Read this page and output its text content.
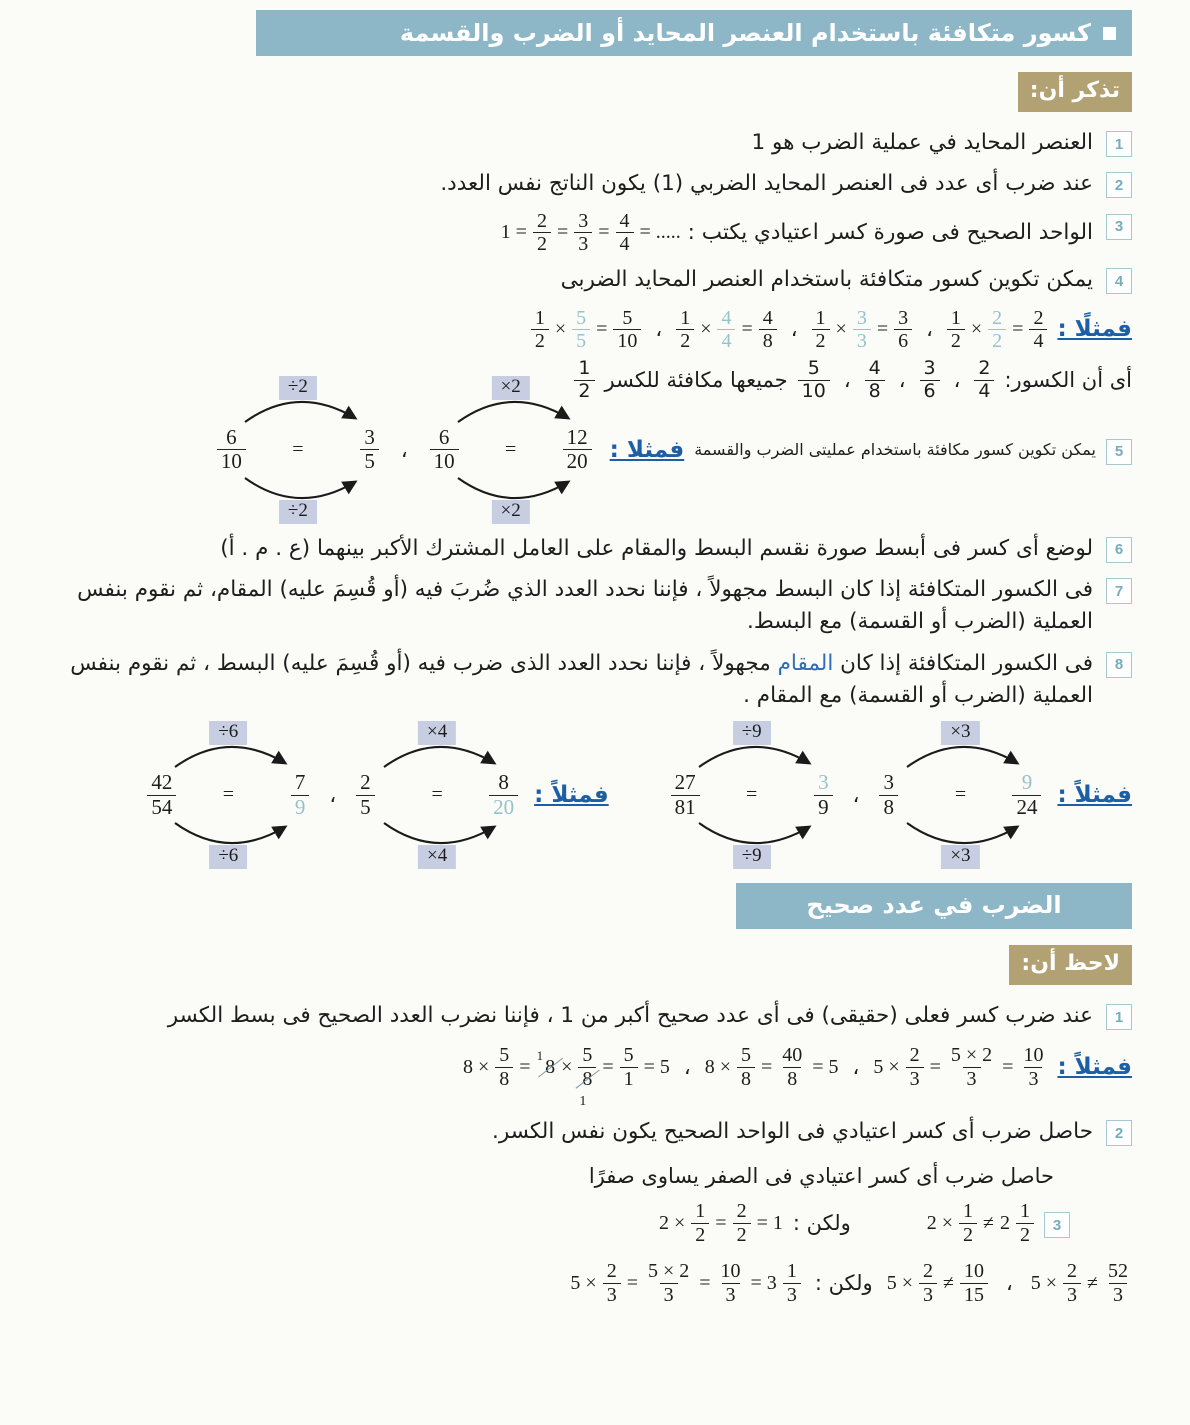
كسور متكافئة باستخدام العنصر المحايد أو الضرب والقسمة
تذكر أن:
1
العنصر المحايد في عملية الضرب هو 1
2
عند ضرب أى عدد فى العنصر المحايد الضربي (1) يكون الناتج نفس العدد.
3
الواحد الصحيح فى صورة كسر اعتيادي يكتب :
$1 = \frac{2}{2} = \frac{3}{3} = \frac{4}{4}$ = .....
4
يمكن تكوين كسور متكافئة باستخدام العنصر المحايد الضربى
فمثلًا :
$\frac{1}{2} \times \frac{2}{2} = \frac{2}{4}$
،
$\frac{1}{2} \times \frac{3}{3} = \frac{3}{6}$
،
$\frac{1}{2} \times \frac{4}{4} = \frac{4}{8}$
،
$\frac{1}{2} \times \frac{5}{5} = \frac{5}{10}$
أى أن الكسور:
$\frac{2}{4}$
،
$\frac{3}{6}$
،
$\frac{4}{8}$
،
$\frac{5}{10}$
جميعها مكافئة للكسر
$\frac{1}{2}$
5
يمكن تكوين كسور مكافئة باستخدام عمليتى الضرب والقسمة
فمثلا :
×2
$\frac{6}{10} = \frac{12}{20}$
×2
،
÷2
$\frac{6}{10}$ =	$\frac{3}{5}$
÷2
6
لوضع أى كسر فى أبسط صورة نقسم البسط والمقام على العامل المشترك الأكبر بينهما (ع . م . أ)
7
فى الكسور المتكافئة إذا كان البسط مجهولاً ، فإننا نحدد العدد الذي ضُربَ فيه (أو قُسِمَ عليه) المقام، ثم نقوم بنفس العملية (الضرب أو القسمة) مع البسط.
8
فى الكسور المتكافئة إذا كان المقام مجهولاً ، فإننا نحدد العدد الذى ضرب فيه (أو قُسِمَ عليه) البسط ، ثم نقوم بنفس العملية (الضرب أو القسمة) مع المقام .
فمثلاً :
×3
$\frac{3}{8}$	= $\frac{9}{24}$
×3
،
÷9
$\frac{27}{81}$ =	$\frac{3}{9}$
÷9
فمثلاً :
×4
$\frac{2}{5}$	= $\frac{8}{20}$
×4
،
÷6
$\frac{42}{54}$ =	$\frac{7}{9}$
÷6
الضرب في عدد صحيح
لاحظ أن:
1
عند ضرب كسر فعلى (حقيقى) فى أى عدد صحيح أكبر من 1 ، فإننا نضرب العدد الصحيح فى بسط الكسر
فمثلاً :
$5 \times \frac{2}{3} = \frac{5 \times 2}{3} = \frac{10}{3}$
،
$8 \times \frac{5}{8} = \frac{40}{8} = 5$
،
$8 \times \frac{5}{8} = 1$ $8 \times \frac{5}{8}$
1
= $\frac{5}{1} = 5$
2
حاصل ضرب أى كسر اعتيادي فى الواحد الصحيح يكون نفس الكسر.
حاصل ضرب أى كسر اعتيادي فى الصفر يساوى صفرًا
3
$2 \times \frac{1}{2} \ne 2 \frac{1}{2}$
ولكن :
$2 \times \frac{1}{2} = \frac{2}{2} = 1$
$5 \times \frac{2}{3} \ne \frac{52}{3}$
،
$5 \times \frac{2}{3} \ne \frac{10}{15}$
ولكن :
$5 \times \frac{2}{3} = \frac{5 \times 2}{3} = \frac{10}{3} = 3 \frac{1}{3}$
